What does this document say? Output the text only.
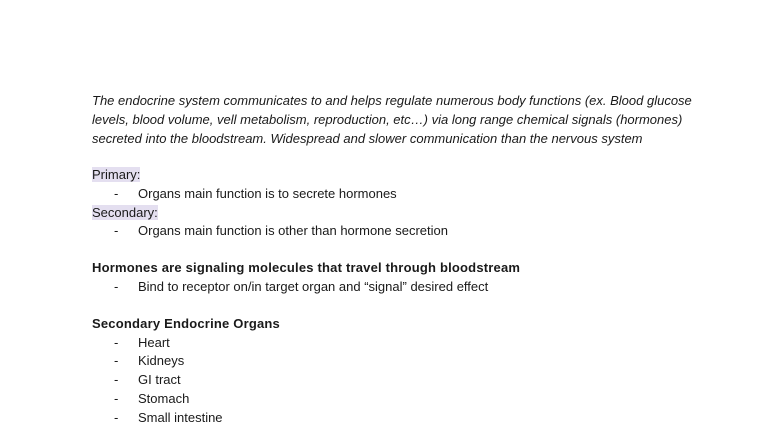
The endocrine system communicates to and helps regulate numerous body functions (ex. Blood glucose levels, blood volume, vell metabolism, reproduction, etc…) via long range chemical signals (hormones) secreted into the bloodstream. Widespread and slower communication than the nervous system

Primary:
- Organs main function is to secrete hormones
Secondary:
- Organs main function is other than hormone secretion
Hormones are signaling molecules that travel through bloodstream
- Bind to receptor on/in target organ and “signal” desired effect
Secondary Endocrine Organs
- Heart
- Kidneys
- GI tract
- Stomach
- Small intestine
